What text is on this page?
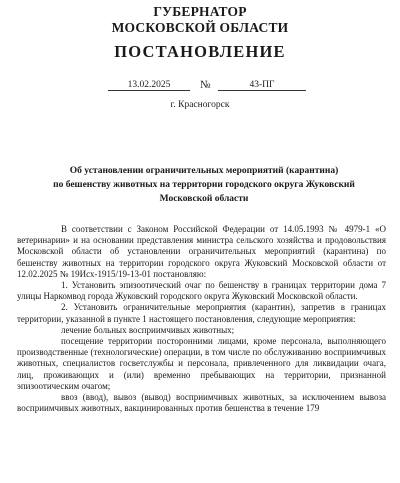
ГУБЕРНАТОР
МОСКОВСКОЙ ОБЛАСТИ
ПОСТАНОВЛЕНИЕ
13.02.2025	№	43-ПГ
г. Красногорск
Об установлении ограничительных мероприятий (карантина)
по бешенству животных на территории городского округа Жуковский
Московской области

В соответствии с Законом Российской Федерации от 14.05.1993 № 4979-1 «О ветеринарии» и на основании представления министра сельского хозяйства и продовольствия Московской области об установлении ограничительных мероприятий (карантина) по бешенству животных на территории городского округа Жуковский Московской области от 12.02.2025 № 19Исх-1915/19-13-01 постановляю:

1. Установить эпизоотический очаг по бешенству в границах территории дома 7 улицы Наркомвод города Жуковский городского округа Жуковский Московской области.

2. Установить ограничительные мероприятия (карантин), запретив в границах территории, указанной в пункте 1 настоящего постановления, следующие мероприятия:

лечение больных восприимчивых животных;

посещение территории посторонними лицами, кроме персонала, выполняющего производственные (технологические) операции, в том числе по обслуживанию восприимчивых животных, специалистов госветслужбы и персонала, привлеченного для ликвидации очага, лиц, проживающих и (или) временно пребывающих на территории, признанной эпизоотическим очагом;

ввоз (ввод), вывоз (вывод) восприимчивых животных, за исключением вывоза восприимчивых животных, вакцинированных против бешенства в течение 179
